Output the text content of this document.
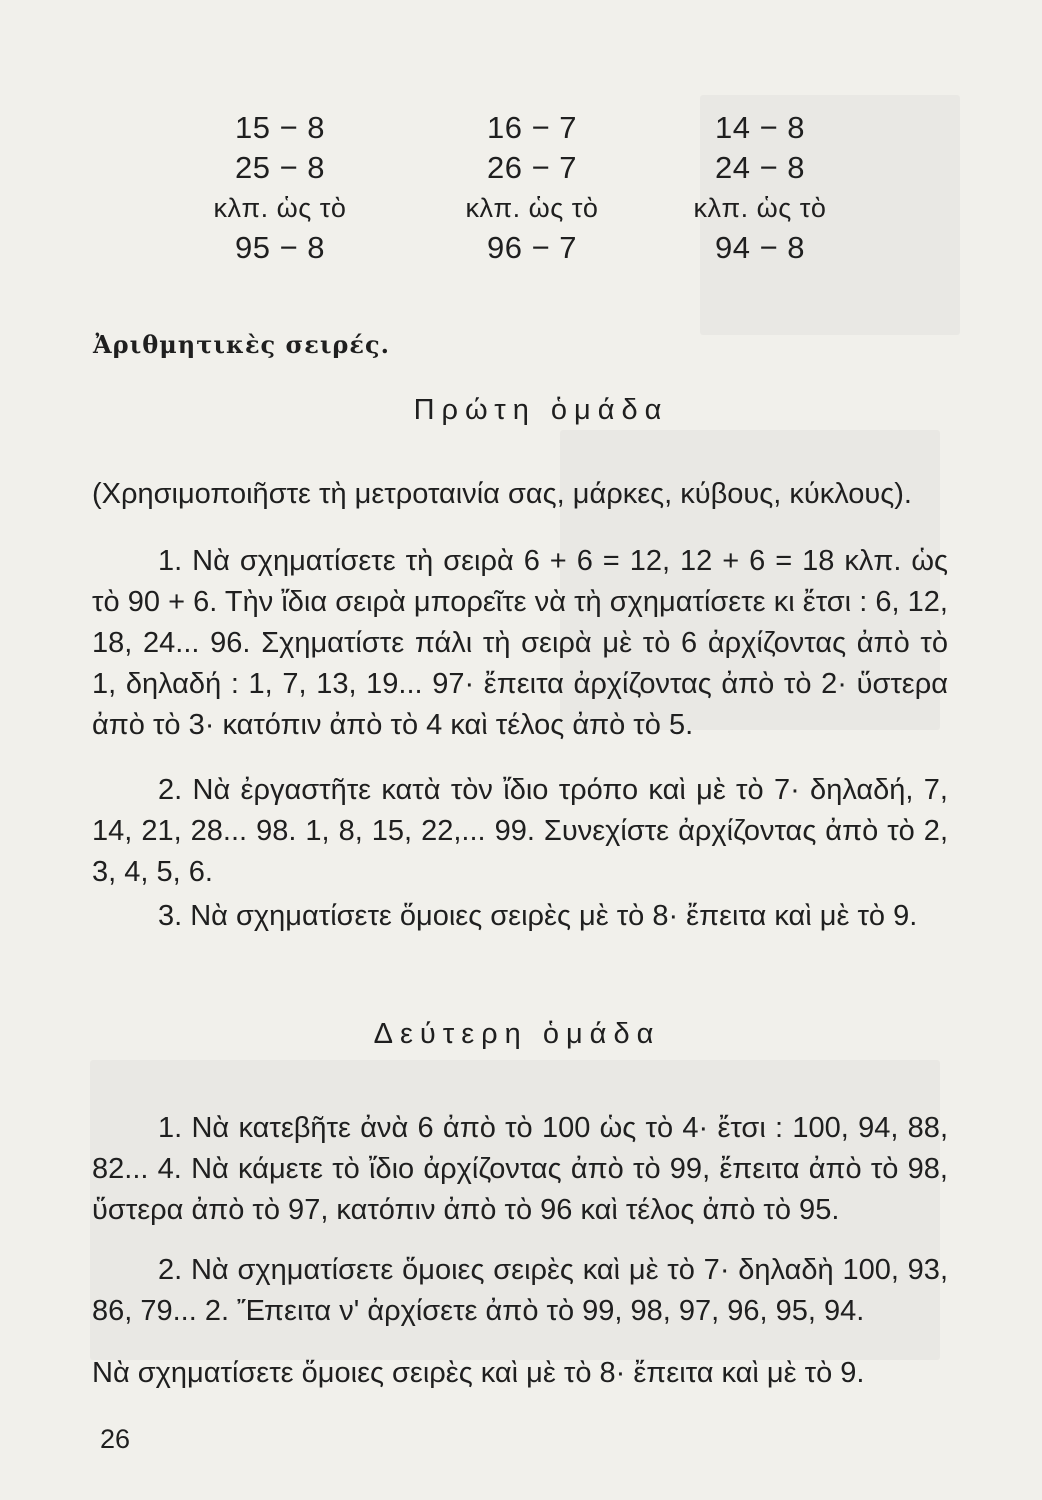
15 − 8
25 − 8
κλπ. ὡς τὸ
95 − 8
16 − 7
26 − 7
κλπ. ὡς τὸ
96 − 7
14 − 8
24 − 8
κλπ. ὡς τὸ
94 − 8
Ἀριθμητικὲς σειρές.
Πρώτη ὁμάδα

(Χρησιμοποιῆστε τὴ μετροταινία σας, μάρκες, κύβους, κύκλους).

1. Νὰ σχηματίσετε τὴ σειρὰ 6 + 6 = 12, 12 + 6 = 18 κλπ. ὡς τὸ 90 + 6. Τὴν ἴδια σειρὰ μπορεῖτε νὰ τὴ σχηματίσετε κι ἔτσι : 6, 12, 18, 24... 96. Σχηματίστε πάλι τὴ σειρὰ μὲ τὸ 6 ἀρχίζοντας ἀπὸ τὸ 1, δηλαδή : 1, 7, 13, 19... 97· ἔπειτα ἀρχίζοντας ἀπὸ τὸ 2· ὕστερα ἀπὸ τὸ 3· κατόπιν ἀπὸ τὸ 4 καὶ τέλος ἀπὸ τὸ 5.

2. Νὰ ἐργαστῆτε κατὰ τὸν ἴδιο τρόπο καὶ μὲ τὸ 7· δηλαδή, 7, 14, 21, 28... 98. 1, 8, 15, 22,... 99. Συνεχίστε ἀρχίζοντας ἀπὸ τὸ 2, 3, 4, 5, 6.

3. Νὰ σχηματίσετε ὅμοιες σειρὲς μὲ τὸ 8· ἔπειτα καὶ μὲ τὸ 9.

Δεύτερη ὁμάδα

1. Νὰ κατεβῆτε ἀνὰ 6 ἀπὸ τὸ 100 ὡς τὸ 4· ἔτσι : 100, 94, 88, 82... 4. Νὰ κάμετε τὸ ἴδιο ἀρχίζοντας ἀπὸ τὸ 99, ἔπειτα ἀπὸ τὸ 98, ὕστερα ἀπὸ τὸ 97, κατόπιν ἀπὸ τὸ 96 καὶ τέλος ἀπὸ τὸ 95.

2. Νὰ σχηματίσετε ὅμοιες σειρὲς καὶ μὲ τὸ 7· δηλαδὴ 100, 93, 86, 79... 2. Ἔπειτα ν' ἀρχίσετε ἀπὸ τὸ 99, 98, 97, 96, 95, 94.

Νὰ σχηματίσετε ὅμοιες σειρὲς καὶ μὲ τὸ 8· ἔπειτα καὶ μὲ τὸ 9.

26
